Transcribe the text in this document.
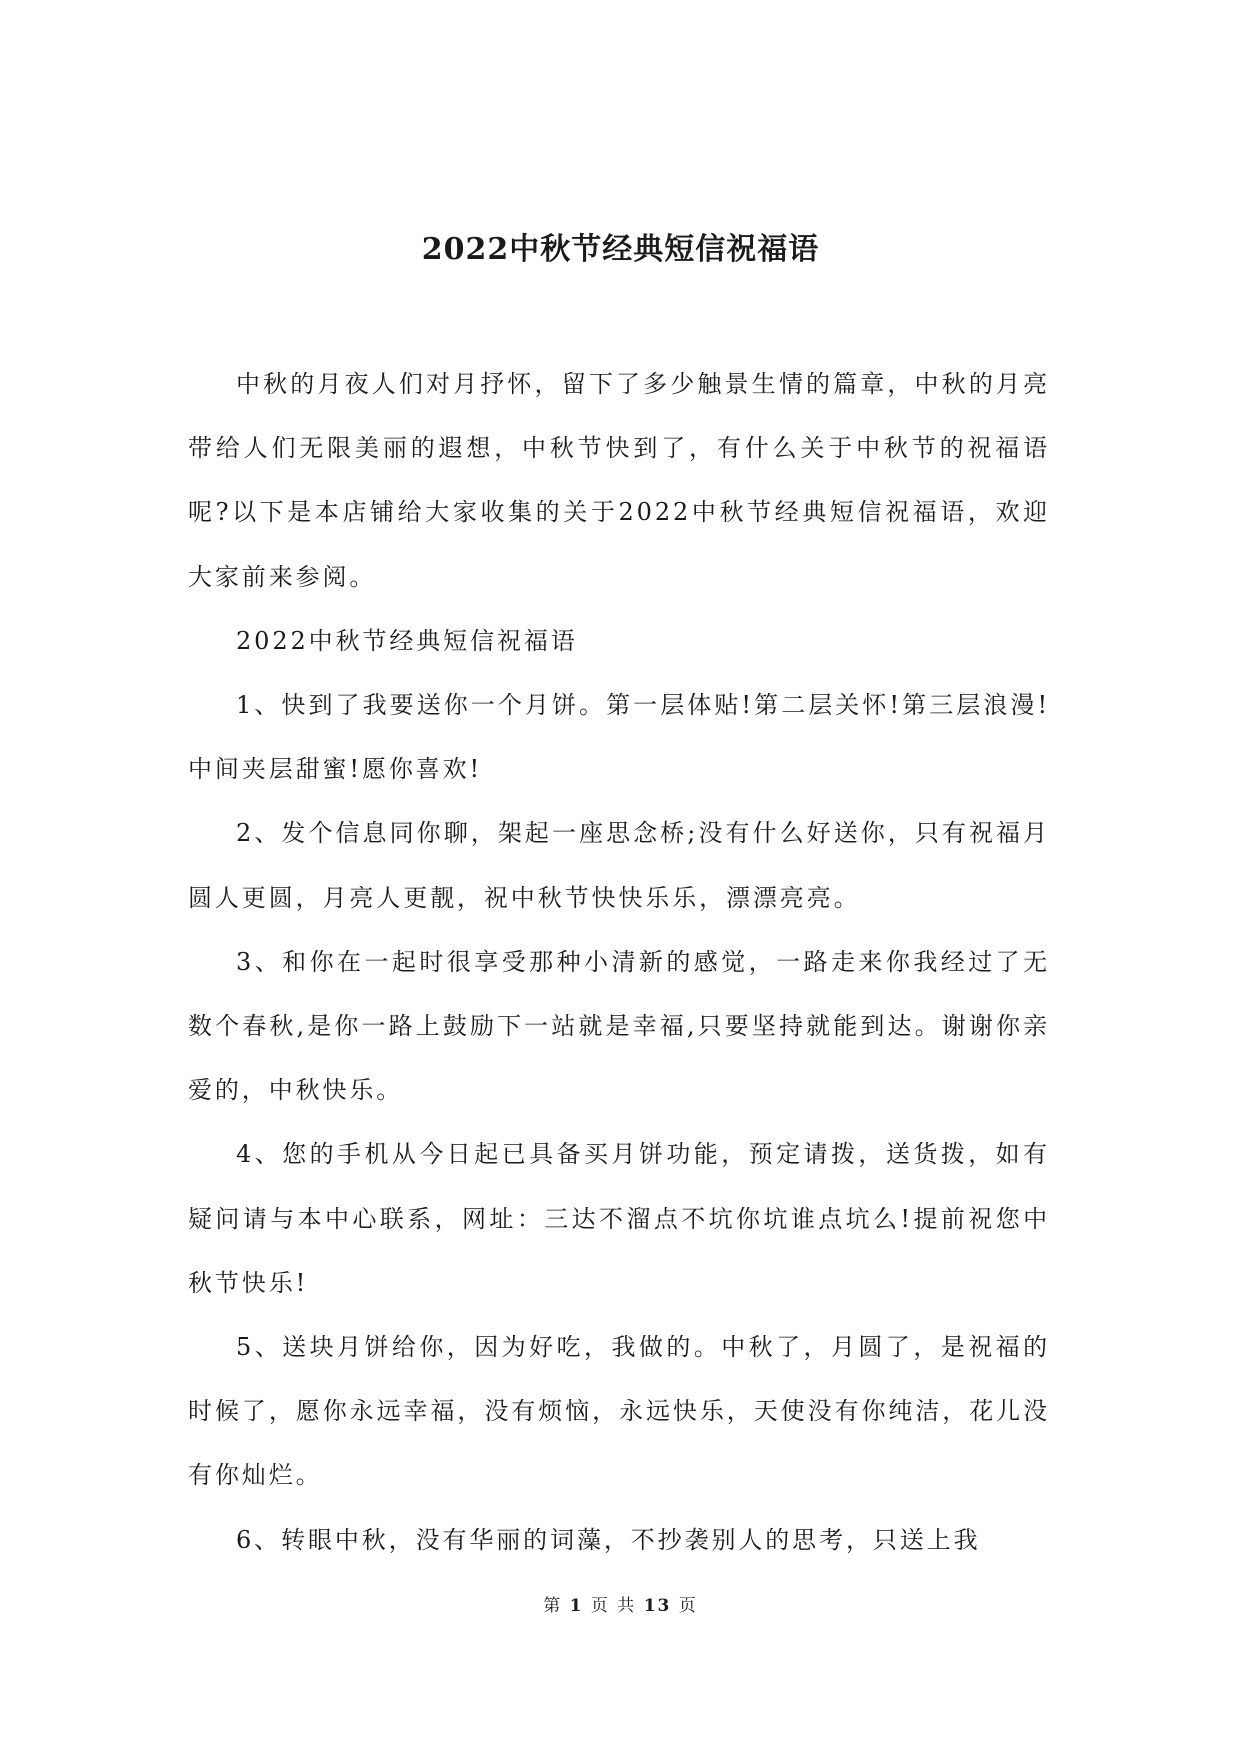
2022中秋节经典短信祝福语

中秋的月夜人们对月抒怀，留下了多少触景生情的篇章，中秋的月亮带给人们无限美丽的遐想，中秋节快到了，有什么关于中秋节的祝福语呢?以下是本店铺给大家收集的关于2022中秋节经典短信祝福语，欢迎大家前来参阅。

2022中秋节经典短信祝福语

1、快到了我要送你一个月饼。第一层体贴!第二层关怀!第三层浪漫!中间夹层甜蜜!愿你喜欢!

2、发个信息同你聊，架起一座思念桥;没有什么好送你，只有祝福月圆人更圆，月亮人更靓，祝中秋节快快乐乐，漂漂亮亮。

3、和你在一起时很享受那种小清新的感觉，一路走来你我经过了无数个春秋,是你一路上鼓励下一站就是幸福,只要坚持就能到达。谢谢你亲爱的，中秋快乐。

4、您的手机从今日起已具备买月饼功能，预定请拨，送货拨，如有疑问请与本中心联系，网址：三达不溜点不坑你坑谁点坑么!提前祝您中秋节快乐!

5、送块月饼给你，因为好吃，我做的。中秋了，月圆了，是祝福的时候了，愿你永远幸福，没有烦恼，永远快乐，天使没有你纯洁，花儿没有你灿烂。

6、转眼中秋，没有华丽的词藻，不抄袭别人的思考，只送上我

第 1 页 共 13 页
